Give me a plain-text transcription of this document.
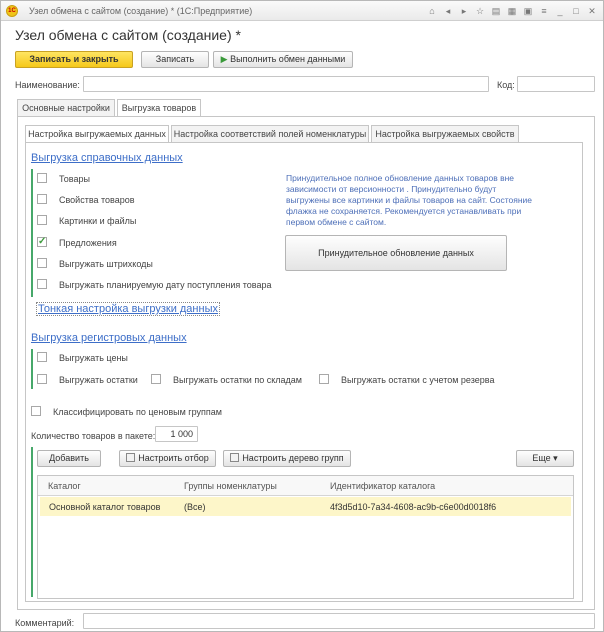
1С Узел обмена с сайтом (создание) * (1С:Предприятие)	⌂	◂	▸	☆ ▤ ▦ ▣	≡	_	□	✕
Узел обмена с сайтом (создание) *
Записать и закрыть	Записать	▶ Выполнить обмен данными
Наименование:	Код:
Основные настройки	Выгрузка товаров
Настройка выгружаемых данных Настройка соответствий полей номенклатуры	Настройка выгружаемых свойств
Выгрузка справочных данных
Товары
Свойства товаров
Картинки и файлы
✓ Предложения
Выгружать штрихкоды
Выгружать планируемую дату поступления товара
Принудительное полное обновление данных товаров вне зависимости от версионности . Принудительно будут выгружены все картинки и файлы товаров на сайт. Состояние флажка не сохраняется. Рекомендуется устанавливать при первом обмене с сайтом.
Принудительное обновление данных
Тонкая настройка выгрузки данных
Выгрузка регистровых данных
Выгружать цены
Выгружать остатки	Выгружать остатки по складам	Выгружать остатки с учетом резерва
Классифицировать по ценовым группам
Количество товаров в пакете:	1 000
Добавить	Настроить отбор	Настроить дерево групп	Еще ▾
Каталог	Группы номенклатуры	Идентификатор каталога
Основной каталог товаров	(Все)	4f3d5d10-7a34-4608-ac9b-c6e00d0018f6
Комментарий:
